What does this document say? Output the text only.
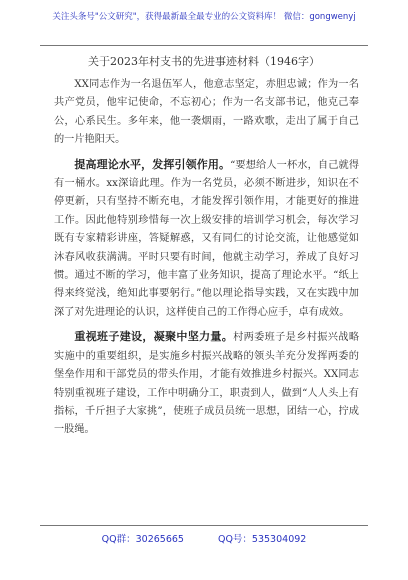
关注头条号"公文研究"，获得最新最全最专业的公文资料库！ 微信：gongwenyj
关于2023年村支书的先进事迹材料（1946字）

XX同志作为一名退伍军人，他意志坚定，赤胆忠诚；作为一名共产党员，他牢记使命，不忘初心；作为一名支部书记，他克己奉公，心系民生。多年来，他一袭烟雨，一路欢歌，走出了属于自己的一片艳阳天。

提高理论水平，发挥引领作用。“要想给人一杯水，自己就得有一桶水。xx深谙此理。作为一名党员，必须不断进步，知识在不停更新，只有坚持不断充电，才能发挥引领作用，才能更好的推进工作。因此他特别珍惜每一次上级安排的培训学习机会，每次学习既有专家精彩讲座，答疑解惑，又有同仁的讨论交流，让他感觉如沐春风收获满满。平时只要有时间，他就主动学习，养成了良好习惯。通过不断的学习，他丰富了业务知识，提高了理论水平。“纸上得来终觉浅，绝知此事要躬行。”他以理论指导实践，又在实践中加深了对先进理论的认识，这样使自己的工作得心应手，卓有成效。

重视班子建设，凝聚中坚力量。村两委班子是乡村振兴战略实施中的重要组织，是实施乡村振兴战略的领头羊充分发挥两委的堡垒作用和干部党员的带头作用，才能有效推进乡村振兴。XX同志特别重视班子建设，工作中明确分工，职责到人，做到“人人头上有指标，千斤担子大家挑”，使班子成员员统一思想，团结一心，拧成一股绳。

QQ群：30265665	QQ号：535304092
